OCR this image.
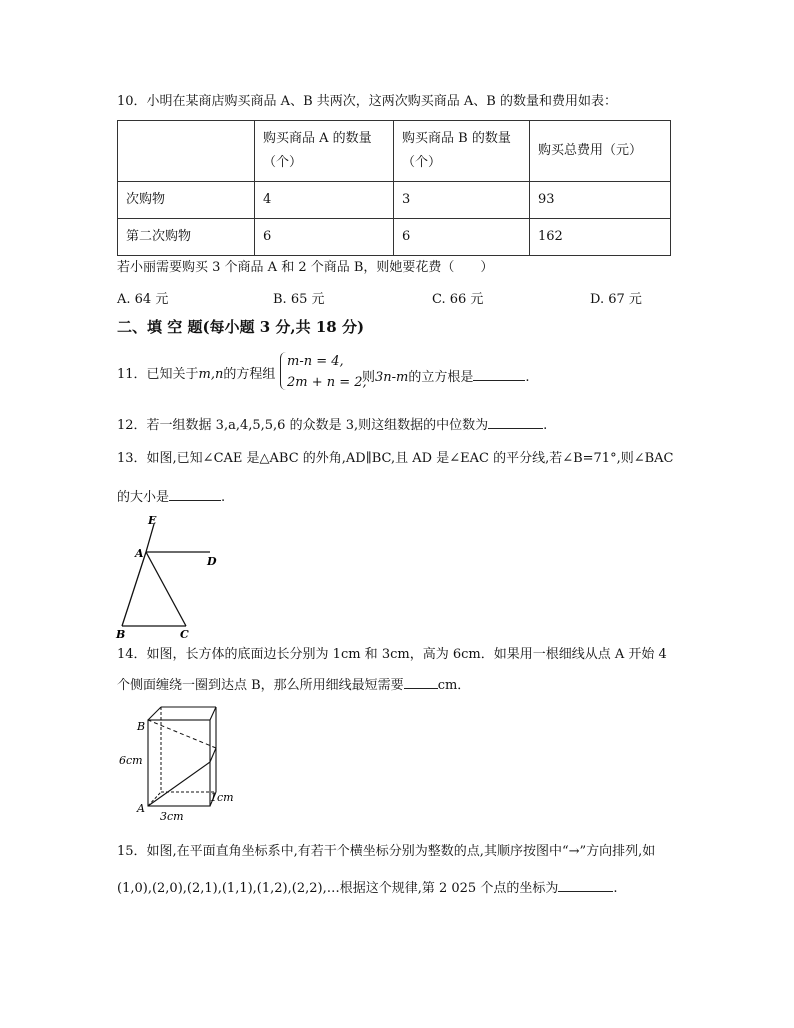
10．小明在某商店购买商品 A、B 共两次，这两次购买商品 A、B 的数量和费用如表：
	购买商品 A 的数量（个）	购买商品 B 的数量（个）	购买总费用（元）
次购物	4	3	93
第二次购物	6	6	162
若小丽需要购买 3 个商品 A 和 2 个商品 B，则她要花费（　　）
A. 64 元	B. 65 元	C. 66 元	D. 67 元
二、填 空 题(每小题 3 分,共 18 分)
11．已知关于m,n的方程组
m-n = 4,
2m + n = 2,
则3n-m的立方根是	.
12．若一组数据 3,a,4,5,5,6 的众数是 3,则这组数据的中位数为	.
13．如图,已知∠CAE 是△ABC 的外角,AD∥BC,且 AD 是∠EAC 的平分线,若∠B=71°,则∠BAC
的大小是	.
E
A
D
B	C
14．如图，长方体的底面边长分别为 1cm 和 3cm，高为 6cm．如果用一根细线从点 A 开始 4
个侧面缠绕一圈到达点 B，那么所用细线最短需要	cm．
B
A
6cm
3cm
1cm
15．如图,在平面直角坐标系中,有若干个横坐标分别为整数的点,其顺序按图中“→”方向排列,如
(1,0),(2,0),(2,1),(1,1),(1,2),(2,2),…根据这个规律,第 2 025 个点的坐标为	.
